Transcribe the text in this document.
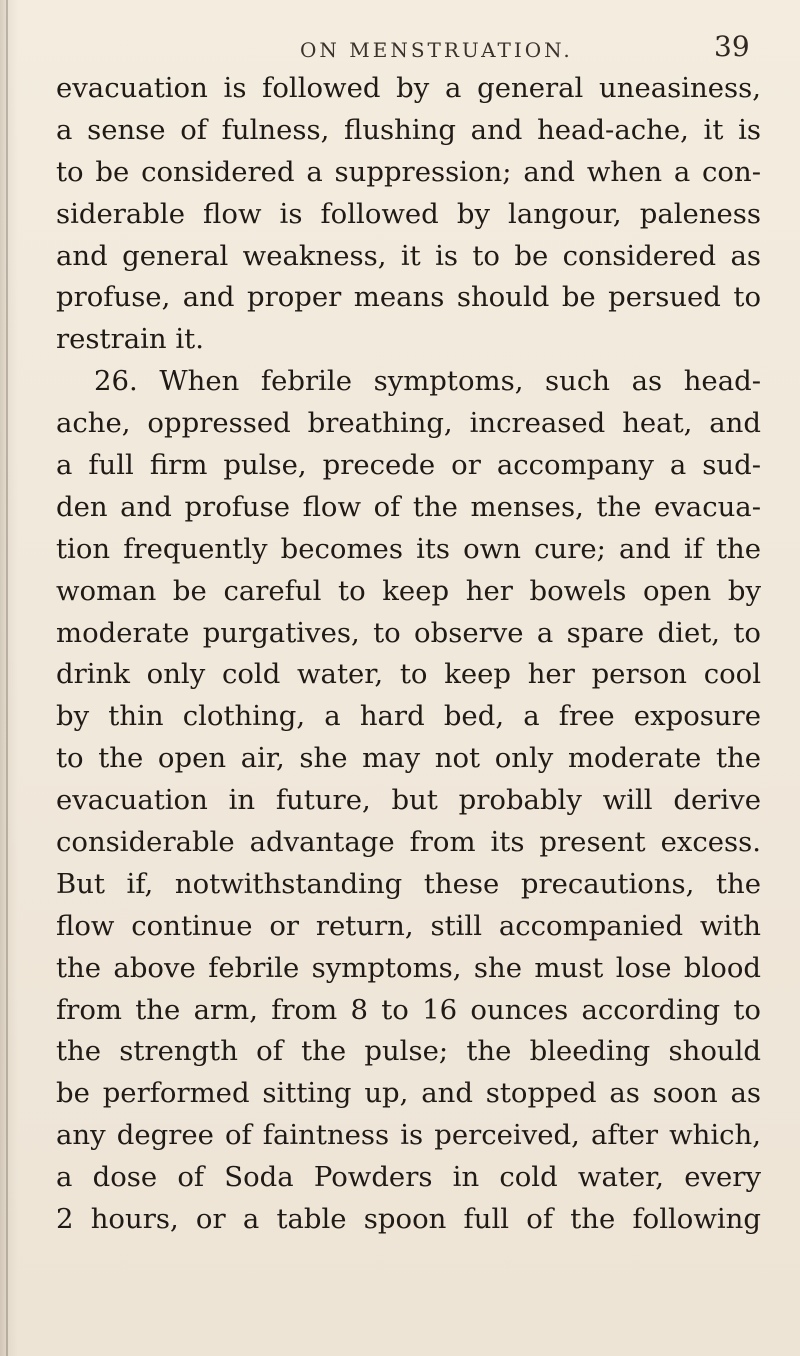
ON MENSTRUATION.	39
evacuation is followed by a general uneasiness,
a sense of fulness, flushing and head-ache, it is
to be considered a suppression; and when a con-
siderable flow is followed by langour, paleness
and general weakness, it is to be considered as
profuse, and proper means should be persued to
restrain it.
26. When febrile symptoms, such as head-
ache, oppressed breathing, increased heat, and
a full firm pulse, precede or accompany a sud-
den and profuse flow of the menses, the evacua-
tion frequently becomes its own cure; and if the
woman be careful to keep her bowels open by
moderate purgatives, to observe a spare diet, to
drink only cold water, to keep her person cool
by thin clothing, a hard bed, a free exposure
to the open air, she may not only moderate the
evacuation in future, but probably will derive
considerable advantage from its present excess.
But if, notwithstanding these precautions, the
flow continue or return, still accompanied with
the above febrile symptoms, she must lose blood
from the arm, from 8 to 16 ounces according to
the strength of the pulse; the bleeding should
be performed sitting up, and stopped as soon as
any degree of faintness is perceived, after which,
a dose of Soda Powders in cold water, every
2 hours, or a table spoon full of the following
